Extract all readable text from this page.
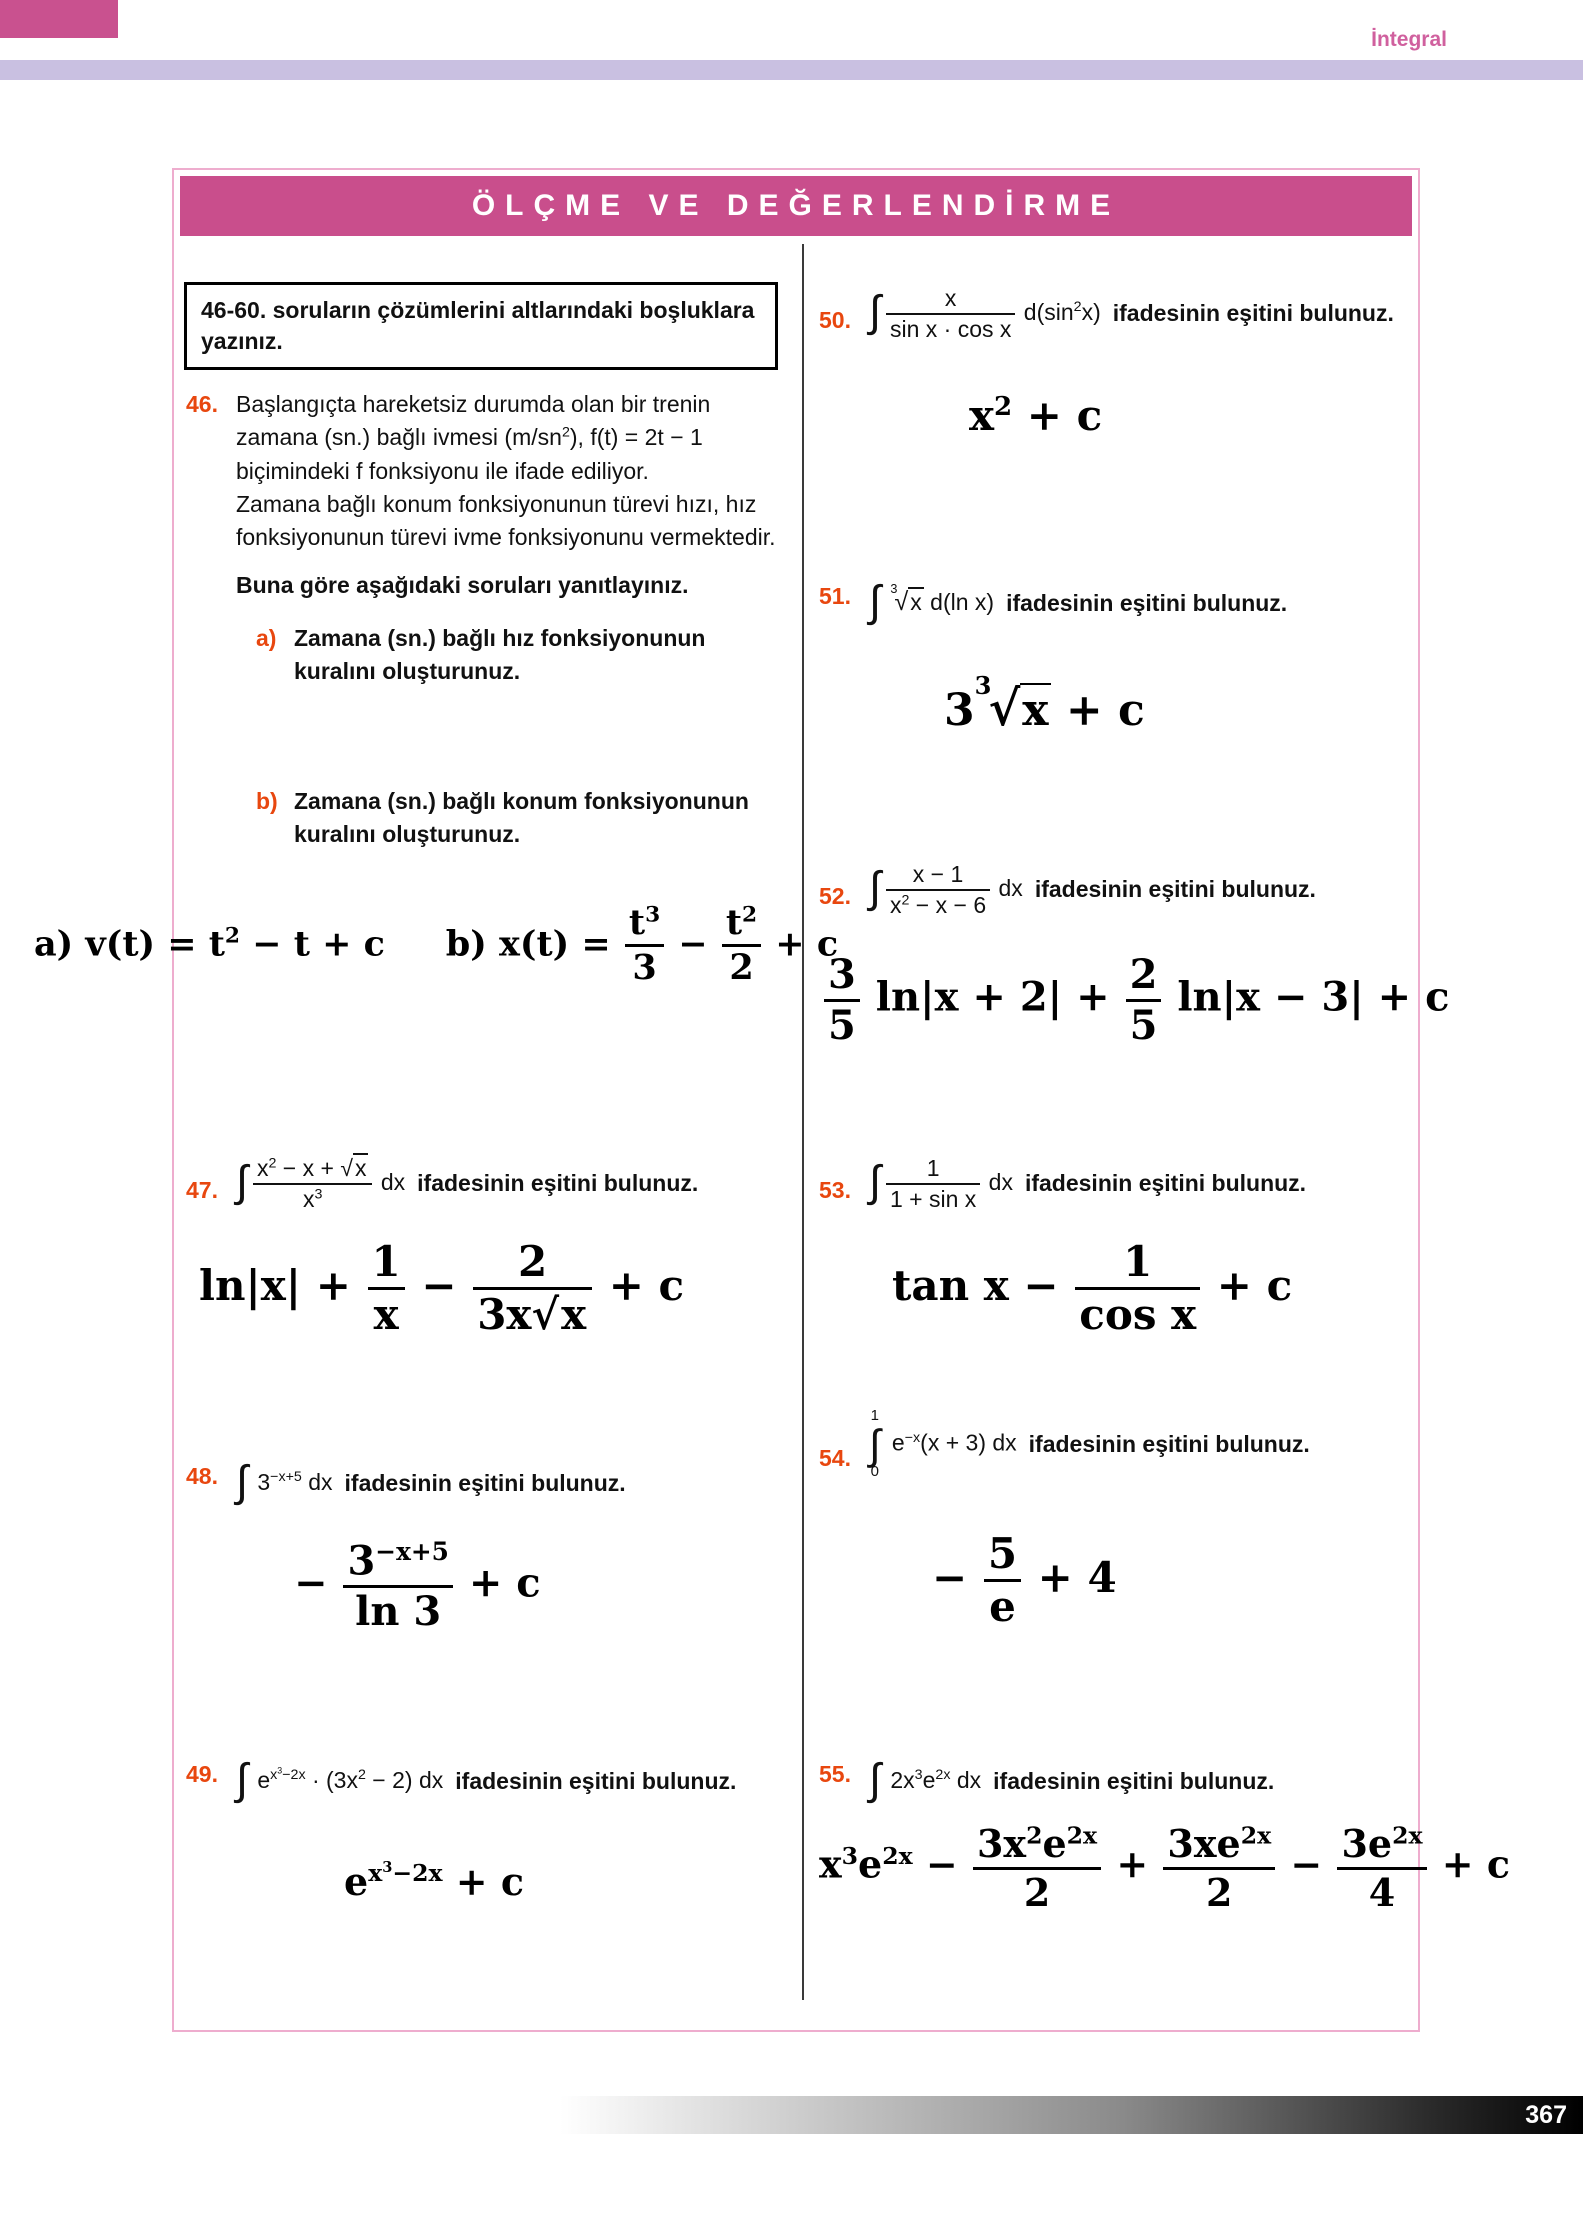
İntegral
ÖLÇME VE DEĞERLENDİRME
46-60. soruların çözümlerini altlarındaki boşluklara yazınız.
46. Başlangıçta hareketsiz durumda olan bir trenin zamana (sn.) bağlı ivmesi $(m/sn^2)$, f(t) = 2t − 1 biçimindeki f fonksiyonu ile ifade ediliyor.
Zamana bağlı konum fonksiyonunun türevi hızı, hız fonksiyonunun türevi ivme fonksiyonunu vermektedir.
Buna göre aşağıdaki soruları yanıtlayınız.
a) Zamana (sn.) bağlı hız fonksiyonunun kuralını oluşturunuz.
b) Zamana (sn.) bağlı konum fonksiyonunun kuralını oluşturunuz.
a) $v(t) = t^2 - t + c$     b) $x(t) = \frac{t^3}{3} - \frac{t^2}{2} + c$
47. ∫ $\frac{x^2 - x + √x}{x^3}$ dx ifadesinin eşitini bulunuz.
$\ln|x| + \frac{1}{x} - \frac{2}{3x√x} + c$
48. ∫ $3^{-x+5}$ dx ifadesinin eşitini bulunuz.
− $\frac{3^{-x+5}}{\ln 3} + c$
49. ∫ $e^{x^3-2x} \cdot (3x^2 - 2)$ dx ifadesinin eşitini bulunuz.
$e^{x^3-2x} + c$
50. ∫ $\frac{x}{\text{sin x · cos x}} d(\sin^2x)$ ifadesinin eşitini bulunuz.
$x^2 + c$
51. ∫ $^3$√x d(ln x) ifadesinin eşitini bulunuz.
$3^3√x + c$
52. ∫ $\frac{x - 1}{x^2 - x - 6}$ dx ifadesinin eşitini bulunuz.
$\frac{3}{5} \ln|x + 2| + \frac{2}{5} \ln|x - 3| + c$
53. ∫ $\frac{1}{\text{1 + sin x}}$ dx ifadesinin eşitini bulunuz.
$\tan x - \frac{1}{\text{cos x}} + c$
54.
1
∫
0
$e^{-x}(x + 3)$ dx ifadesinin eşitini bulunuz.
− $\frac{5}{e} + 4$
55. ∫ $2x^3e^{2x}$ dx ifadesinin eşitini bulunuz.
$x^3e^{2x} - \frac{3x^2e^{2x}}{2} + \frac{3xe^{2x}}{2} - \frac{3e^{2x}}{4} + c$
367
